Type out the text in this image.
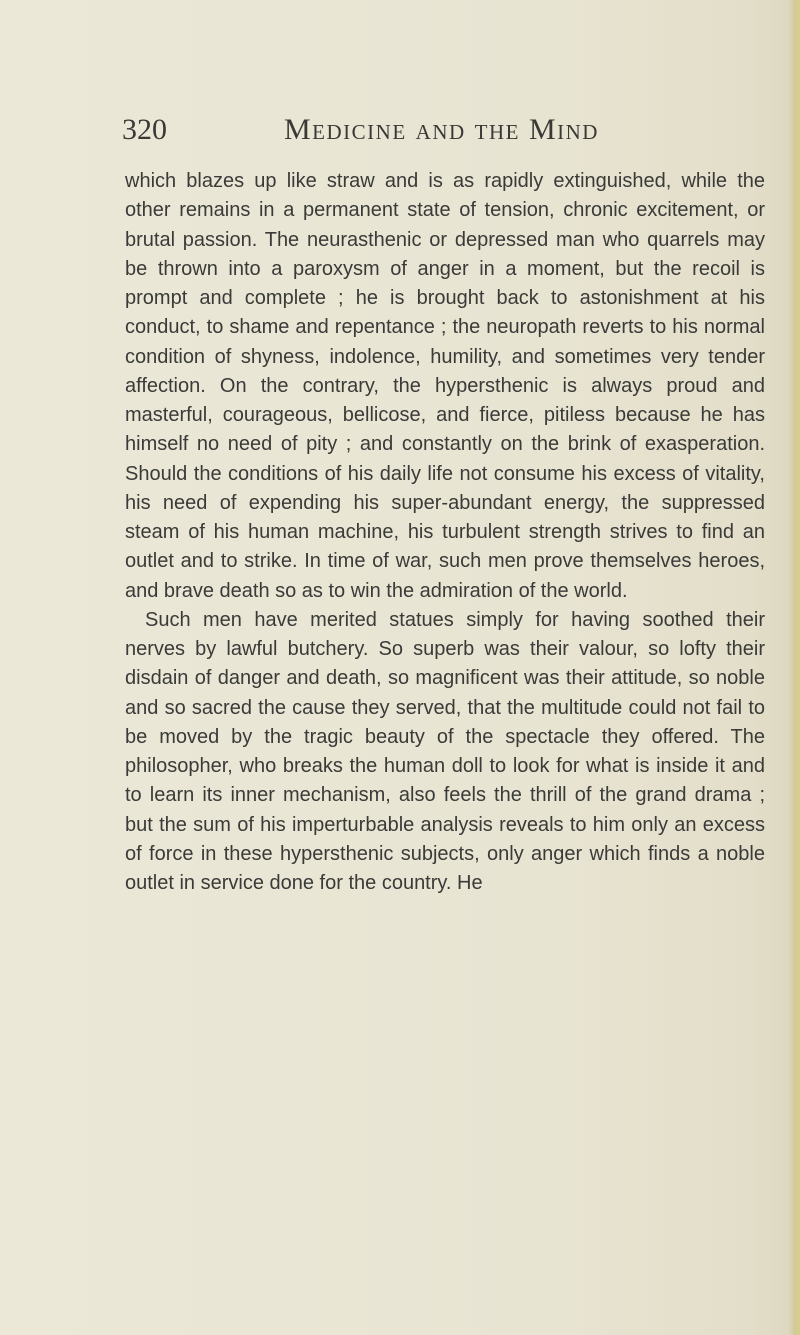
320	Medicine and the Mind

which blazes up like straw and is as rapidly extinguished, while the other remains in a permanent state of tension, chronic excitement, or brutal passion. The neurasthenic or depressed man who quarrels may be thrown into a paroxysm of anger in a moment, but the recoil is prompt and complete ; he is brought back to astonishment at his conduct, to shame and repentance ; the neuropath reverts to his normal condition of shyness, indolence, humility, and sometimes very tender affection. On the contrary, the hypersthenic is always proud and masterful, courageous, bellicose, and fierce, pitiless because he has himself no need of pity ; and constantly on the brink of exasperation. Should the conditions of his daily life not consume his excess of vitality, his need of expending his super-abundant energy, the suppressed steam of his human machine, his turbulent strength strives to find an outlet and to strike. In time of war, such men prove themselves heroes, and brave death so as to win the admiration of the world.

Such men have merited statues simply for having soothed their nerves by lawful butchery. So superb was their valour, so lofty their disdain of danger and death, so magnificent was their attitude, so noble and so sacred the cause they served, that the multitude could not fail to be moved by the tragic beauty of the spectacle they offered. The philosopher, who breaks the human doll to look for what is inside it and to learn its inner mechanism, also feels the thrill of the grand drama ; but the sum of his imperturbable analysis reveals to him only an excess of force in these hypersthenic subjects, only anger which finds a noble outlet in service done for the country. He
